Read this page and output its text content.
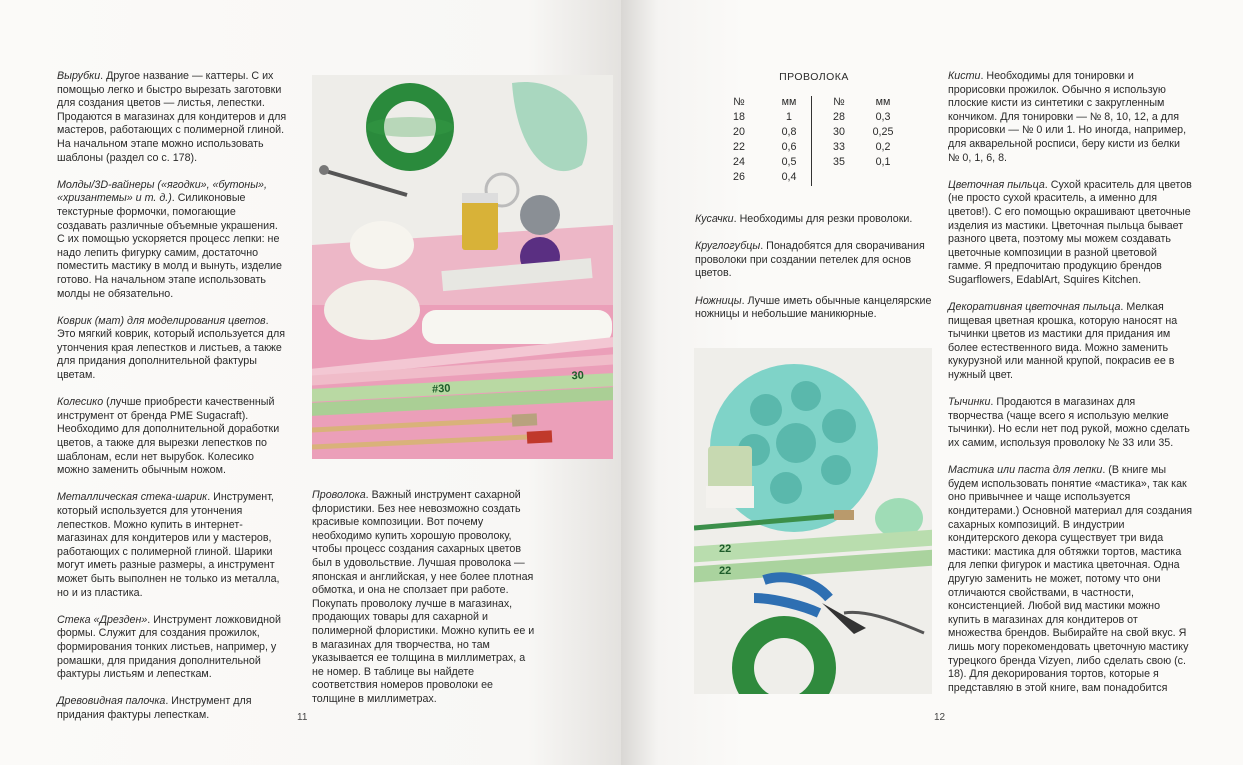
Вырубки. Другое название — каттеры. С их помощью легко и быстро вырезать заготовки для создания цветов — листья, лепестки. Продаются в магазинах для кондитеров и для мастеров, работающих с полимерной глиной. На начальном этапе можно использовать шаблоны (раздел со с. 178).

Молды/3D-вайнеры («ягодки», «бутоны», «хризантемы» и т. д.). Силиконовые текстурные формочки, помогающие создавать различные объемные украшения. С их помощью ускоряется процесс лепки: не надо лепить фигурку самим, достаточно поместить мастику в молд и вынуть, изделие готово. На начальном этапе использовать молды не обязательно.

Коврик (мат) для моделирования цветов. Это мягкий коврик, который используется для утончения края лепестков и листьев, а также для придания дополнительной фактуры цветам.

Колесико (лучше приобрести качественный инструмент от бренда PME Sugacraft). Необходимо для дополнительной доработки цветов, а также для вырезки лепестков по шаблонам, если нет вырубок. Колесико можно заменить обычным ножом.

Металлическая стека-шарик. Инструмент, который используется для утончения лепестков. Можно купить в интернет-магазинах для кондитеров или у мастеров, работающих с полимерной глиной. Шарики могут иметь разные размеры, а инструмент может быть выполнен не только из металла, но и из пластика.

Стека «Дрезден». Инструмент ложковидной формы. Служит для создания прожилок, формирования тонких листьев, например, у ромашки, для придания дополнительной фактуры листьям и лепесткам.

Древовидная палочка. Инструмент для придания фактуры лепесткам.

#30
30

Проволока. Важный инструмент сахарной флористики. Без нее невозможно создать красивые композиции. Вот почему необходимо купить хорошую проволоку, чтобы процесс создания сахарных цветов был в удовольствие. Лучшая проволока — японская и английская, у нее более плотная обмотка, и она не сползает при работе. Покупать проволоку лучше в магазинах, продающих товары для сахарной и полимерной флористики. Можно купить ее и в магазинах для творчества, но там указывается ее толщина в миллиметрах, а не номер. В таблице вы найдете соответствия номеров проволоки ее толщине в миллиметрах.

11
ПРОВОЛОКА
№	мм	№	мм
18	1	28	0,3
20	0,8	30	0,25
22	0,6	33	0,2
24	0,5	35	0,1
26	0,4		

Кусачки. Необходимы для резки проволоки.

Круглогубцы. Понадобятся для сворачивания проволоки при создании петелек для основ цветов.

Ножницы. Лучше иметь обычные канцелярские ножницы и небольшие маникюрные.

22
22

Кисти. Необходимы для тонировки и прорисовки прожилок. Обычно я использую плоские кисти из синтетики с закругленным кончиком. Для тонировки — № 8, 10, 12, а для прорисовки — № 0 или 1. Но иногда, например, для акварельной росписи, беру кисти из белки № 0, 1, 6, 8.

Цветочная пыльца. Сухой краситель для цветов (не просто сухой краситель, а именно для цветов!). С его помощью окрашивают цветочные изделия из мастики. Цветочная пыльца бывает разного цвета, поэтому мы можем создавать цветочные композиции в разной цветовой гамме. Я предпочитаю продукцию брендов Sugarflowers, EdablArt, Squires Kitchen.

Декоративная цветочная пыльца. Мелкая пищевая цветная крошка, которую наносят на тычинки цветов из мастики для придания им более естественного вида. Можно заменить кукурузной или манной крупой, покрасив ее в нужный цвет.

Тычинки. Продаются в магазинах для творчества (чаще всего я использую мелкие тычинки). Но если нет под рукой, можно сделать их самим, используя проволоку № 33 или 35.

Мастика или паста для лепки. (В книге мы будем использовать понятие «мастика», так как оно привычнее и чаще используется кондитерами.) Основной материал для создания сахарных композиций. В индустрии кондитерского декора существует три вида мастики: мастика для обтяжки тортов, мастика для лепки фигурок и мастика цветочная. Одна другую заменить не может, потому что они отличаются свойствами, в частности, консистенцией. Любой вид мастики можно купить в магазинах для кондитеров от множества брендов. Выбирайте на свой вкус. Я лишь могу порекомендовать цветочную мастику турецкого бренда Vizyen, либо сделать свою (с. 18). Для декорирования тортов, которые я представляю в этой книге, вам понадобится

12
